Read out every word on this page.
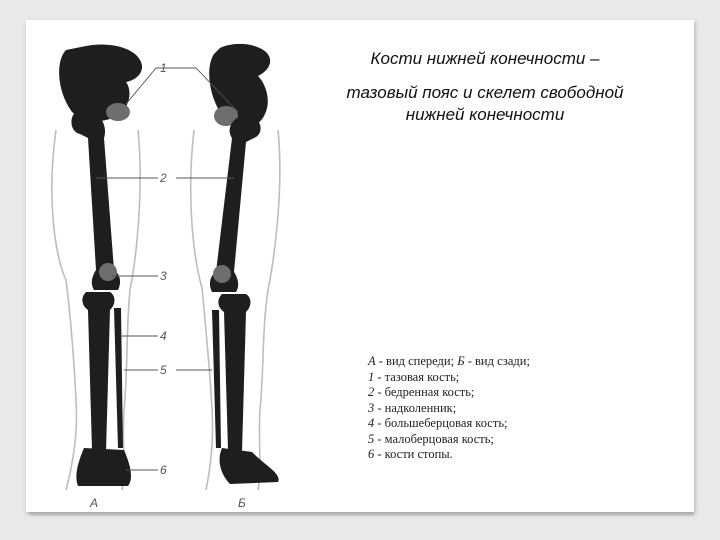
1
2
3
4
5
6
А	Б
Кости нижней конечности –
тазовый пояс и скелет свободной нижней конечности
А - вид спереди; Б - вид сзади;
1 - тазовая кость;
2 - бедренная кость;
3 - надколенник;
4 - большеберцовая кость;
5 - малоберцовая кость;
6 - кости стопы.
